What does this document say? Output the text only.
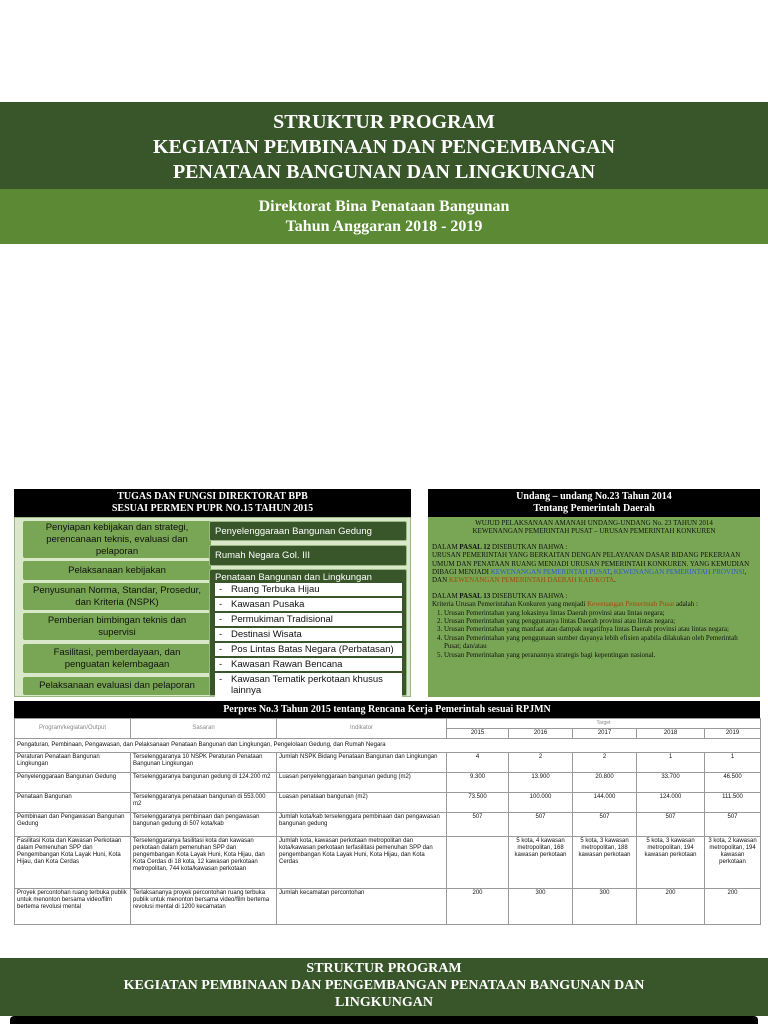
STRUKTUR PROGRAM
KEGIATAN PEMBINAAN DAN PENGEMBANGAN
PENATAAN BANGUNAN DAN LINGKUNGAN
Direktorat Bina Penataan Bangunan
Tahun Anggaran 2018 - 2019
TUGAS DAN FUNGSI DIREKTORAT BPB
SESUAI PERMEN PUPR NO.15 TAHUN 2015
Undang – undang No.23 Tahun 2014
Tentang Pemerintah Daerah
Penyiapan kebijakan dan strategi, perencanaan teknis, evaluasi dan pelaporan
Pelaksanaan kebijakan
Penyusunan Norma, Standar, Prosedur, dan Kriteria (NSPK)
Pemberian bimbingan teknis dan supervisi
Fasilitasi, pemberdayaan, dan penguatan kelembagaan
Pelaksanaan evaluasi dan pelaporan
Penyelenggaraan Bangunan Gedung
Rumah Negara Gol. III
Penataan Bangunan dan Lingkungan
- Ruang Terbuka Hijau
- Kawasan Pusaka
- Permukiman Tradisional
- Destinasi Wisata
- Pos Lintas Batas Negara (Perbatasan)
- Kawasan Rawan Bencana
- Kawasan Tematik perkotaan khusus lainnya

WUJUD PELAKSANAAN AMANAH UNDANG-UNDANG No. 23 TAHUN 2014

KEWENANGAN PEMERINTAH PUSAT – URUSAN PEMERINTAH KONKUREN

DALAM PASAL 12 DISEBUTKAN BAHWA :

URUSAN PEMERINTAH YANG BERKAITAN DENGAN PELAYANAN DASAR BIDANG PEKERJAAN UMUM DAN PENATAAN RUANG MENJADI URUSAN PEMERINTAH KONKUREN. YANG KEMUDIAN DIBAGI MENJADI KEWENANGAN PEMERINTAH PUSAT, KEWENANGAN PEMERINTAH PROVINSI, DAN KEWENANGAN PEMERINTAH DAERAH KAB/KOTA.

DALAM PASAL 13 DISEBUTKAN BAHWA :

Kriteria Urusan Pemerintahan Konkuren yang menjadi Kewenangan Pemerintah Pusat adalah :

1. Urusan Pemerintahan yang lokasinya lintas Daerah provinsi atau lintas negara;
2. Urusan Pemerintahan yang penggunanya lintas Daerah provinsi atau lintas negara;
3. Urusan Pemerintahan yang manfaat atau dampak negatifnya lintas Daerah provinsi atau lintas negara;
4. Urusan Pemerintahan yang penggunaan sumber dayanya lebih efisien apabila dilakukan oleh Pemerintah Pusat; dan/atau
5. Urusan Pemerintahan yang peranannya strategis bagi kepentingan nasional.
Perpres No.3 Tahun 2015 tentang Rencana Kerja Pemerintah sesuai RPJMN
Program/kegiatan/Output	Sasaran	Indikator	Target				
			2015	2016	2017	2018	2019
Pengaturan, Pembinaan, Pengawasan, dan Pelaksanaan Penataan Bangunan dan Lingkungan, Pengelolaan Gedung, dan Rumah Negara							
Peraturan Penataan Bangunan Lingkungan	Terselenggaranya 10 NSPK Peraturan Penataan Bangunan Lingkungan	Jumlah NSPK Bidang Penataan Bangunan dan Lingkungan	4	2	2	1	1
Penyelenggaraan Bangunan Gedung	Terselenggaranya bangunan gedung di 124.200 m2	Luasan penyelenggaraan bangunan gedung (m2)	9.300	13.900	20.800	33.700	46.500
Penataan Bangunan	Terselenggaranya penataan bangunan di 553.000 m2	Luasan penataan bangunan (m2)	73.500	100.000	144.000	124.000	111.500
Pembinaan dan Pengawasan Bangunan Gedung	Terselenggaranya pembinaan dan pengawasan bangunan gedung di 507 kota/kab	Jumlah kota/kab terselenggara pembinaan dan pengawasan bangunan gedung	507	507	507	507	507
Fasilitasi Kota dan Kawasan Perkotaan dalam Pemenuhan SPP dan Pengembangan Kota Layak Huni, Kota Hijau, dan Kota Cerdas	Terselenggaranya fasilitasi kota dan kawasan perkotaan dalam pemenuhan SPP dan pengembangan Kota Layak Huni, Kota Hijau, dan Kota Cerdas di 18 kota, 12 kawasan perkotaan metropolitan, 744 kota/kawasan perkotaan	Jumlah kota, kawasan perkotaan metropolitan dan kota/kawasan perkotaan terfasilitasi pemenuhan SPP dan pengembangan Kota Layak Huni, Kota Hijau, dan Kota Cerdas		5 kota, 4 kawasan metropolitan, 168 kawasan perkotaan	5 kota, 3 kawasan metropolitan, 188 kawasan perkotaan	5 kota, 3 kawasan metropolitan, 194 kawasan perkotaan	3 kota, 2 kawasan metropolitan, 194 kawasan perkotaan
Proyek percontohan ruang terbuka publik untuk menonton bersama video/film bertema revolusi mental	Terlaksananya proyek percontohan ruang terbuka publik untuk menonton bersama video/film bertema revolusi mental di 1200 kecamatan	Jumlah kecamatan percontohan	200	300	300	200	200
STRUKTUR PROGRAM
KEGIATAN PEMBINAAN DAN PENGEMBANGAN PENATAAN BANGUNAN DAN
LINGKUNGAN
